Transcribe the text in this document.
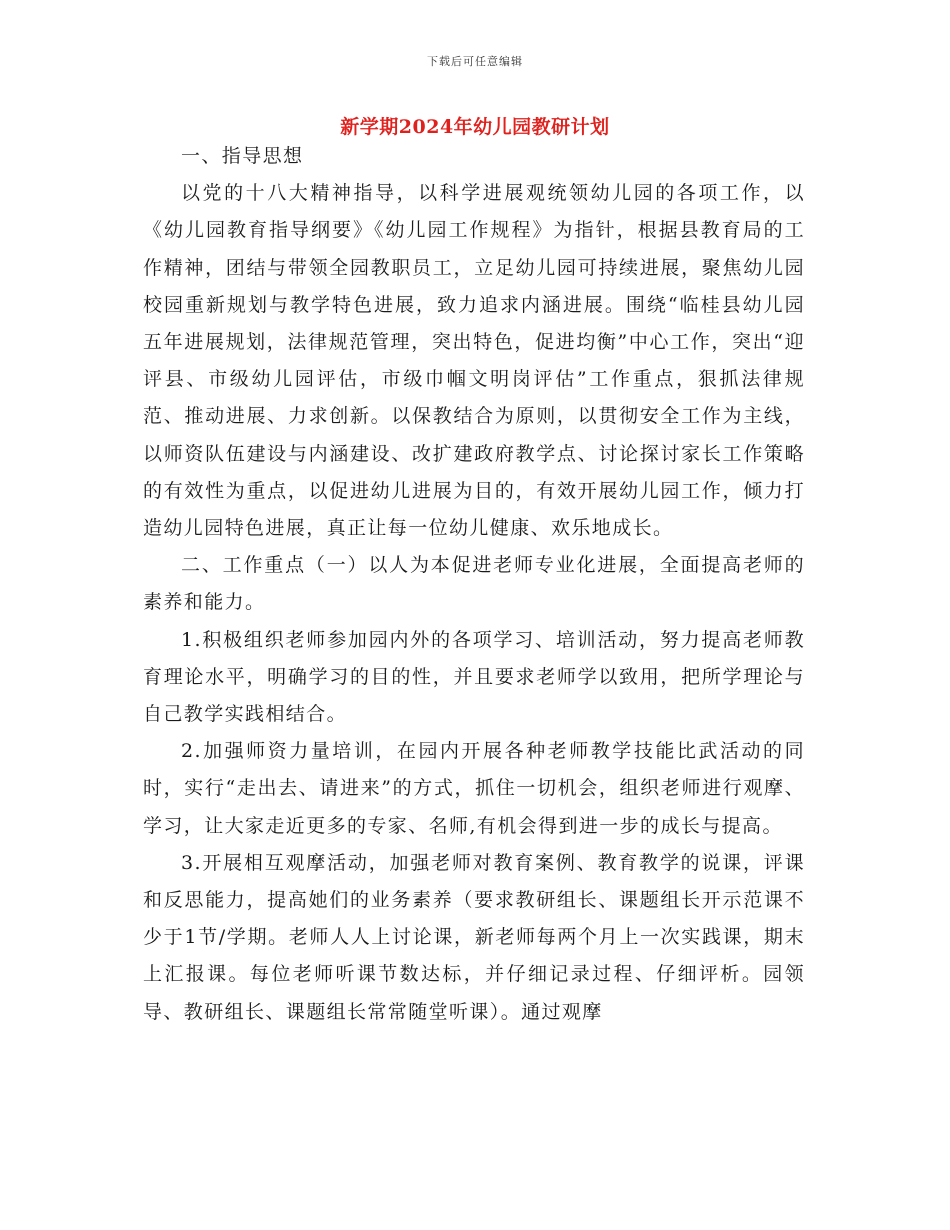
下载后可任意编辑
新学期2024年幼儿园教研计划

一、指导思想

以党的十八大精神指导，以科学进展观统领幼儿园的各项工作，以《幼儿园教育指导纲要》《幼儿园工作规程》为指针，根据县教育局的工作精神，团结与带领全园教职员工，立足幼儿园可持续进展，聚焦幼儿园校园重新规划与教学特色进展，致力追求内涵进展。围绕“临桂县幼儿园五年进展规划，法律规范管理，突出特色，促进均衡”中心工作，突出“迎评县、市级幼儿园评估，市级巾帼文明岗评估”工作重点，狠抓法律规范、推动进展、力求创新。以保教结合为原则，以贯彻安全工作为主线，以师资队伍建设与内涵建设、改扩建政府教学点、讨论探讨家长工作策略的有效性为重点，以促进幼儿进展为目的，有效开展幼儿园工作，倾力打造幼儿园特色进展，真正让每一位幼儿健康、欢乐地成长。

二、工作重点（一）以人为本促进老师专业化进展，全面提高老师的素养和能力。

1.积极组织老师参加园内外的各项学习、培训活动，努力提高老师教育理论水平，明确学习的目的性，并且要求老师学以致用，把所学理论与自己教学实践相结合。

2.加强师资力量培训，在园内开展各种老师教学技能比武活动的同时，实行“走出去、请进来”的方式，抓住一切机会，组织老师进行观摩、学习，让大家走近更多的专家、名师,有机会得到进一步的成长与提高。

3.开展相互观摩活动，加强老师对教育案例、教育教学的说课，评课和反思能力，提高她们的业务素养（要求教研组长、课题组长开示范课不少于1节/学期。老师人人上讨论课，新老师每两个月上一次实践课，期末上汇报课。每位老师听课节数达标，并仔细记录过程、仔细评析。园领导、教研组长、课题组长常常随堂听课）。通过观摩
